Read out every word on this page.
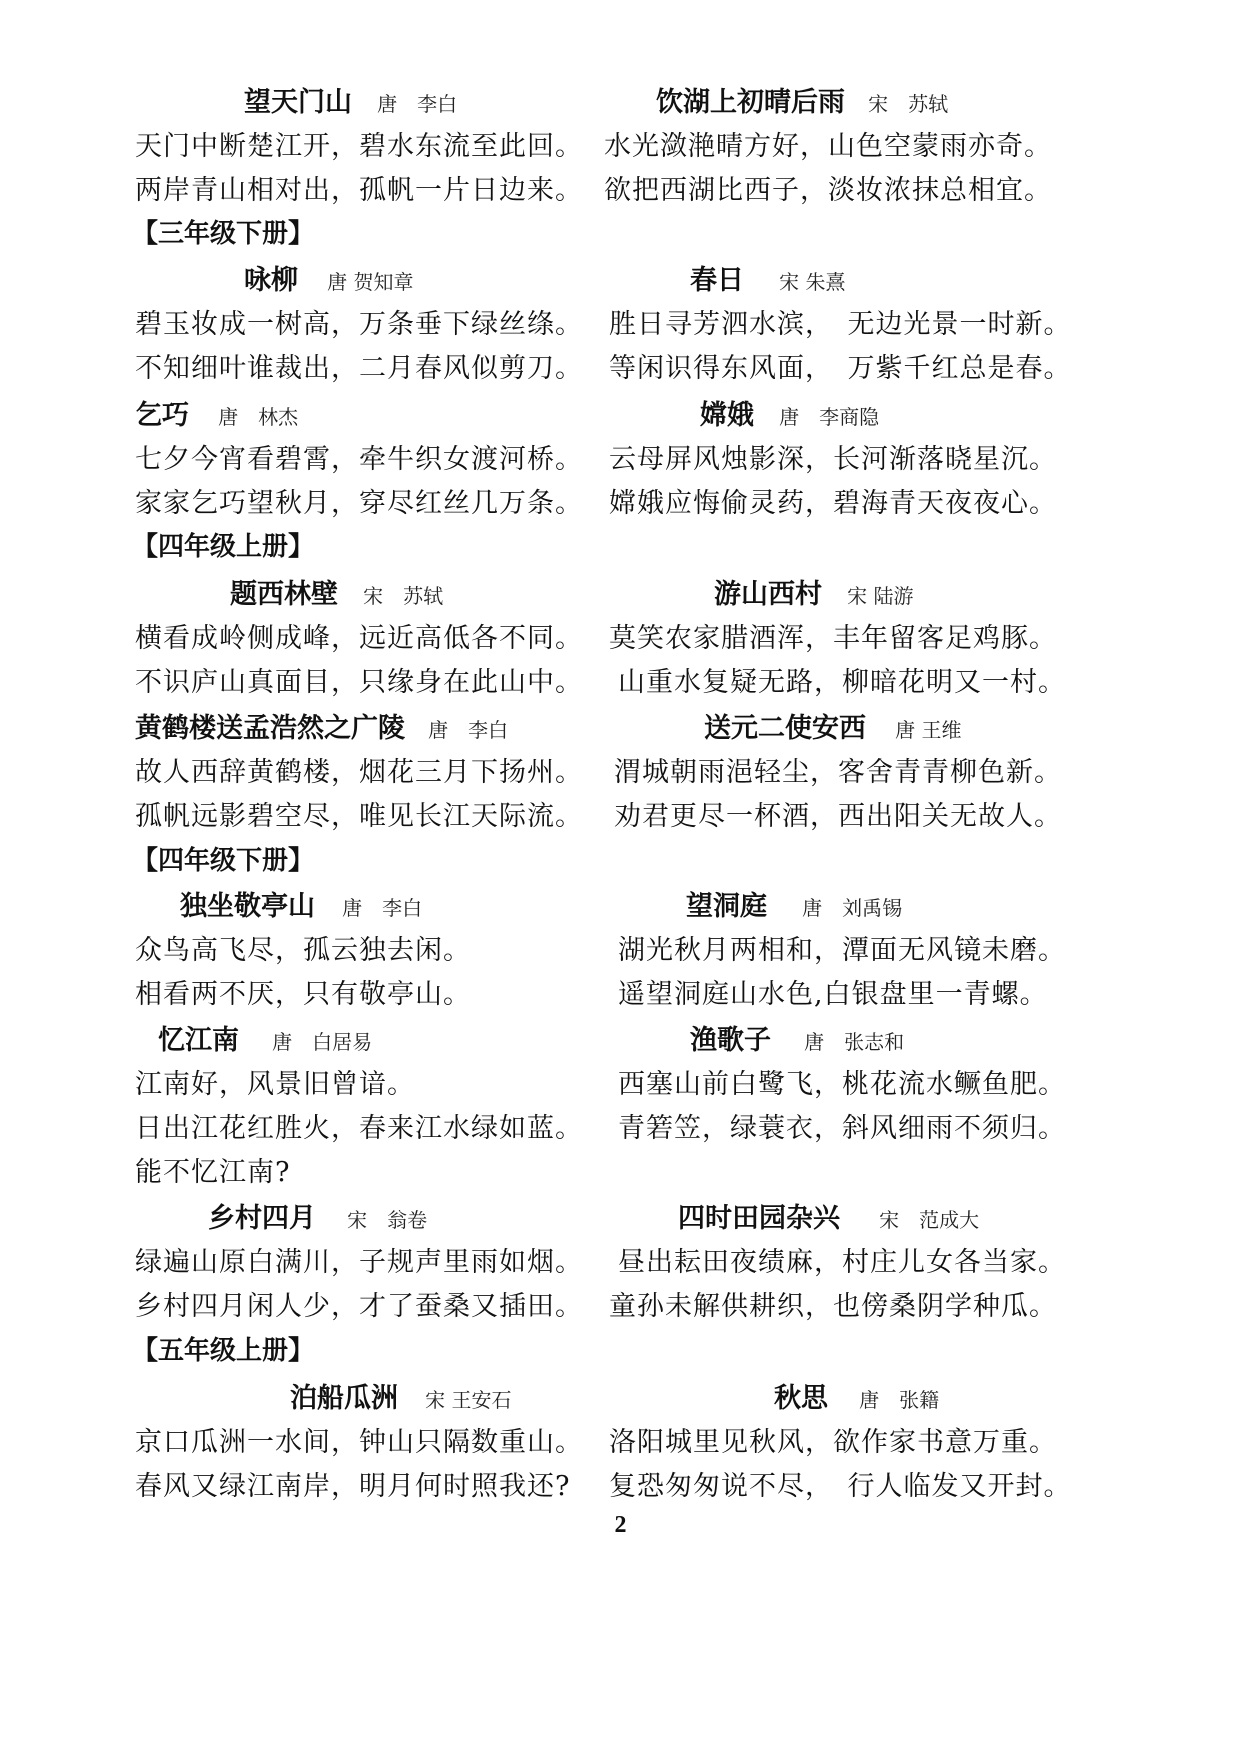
望天门山 唐　李白
天门中断楚江开，碧水东流至此回。
两岸青山相对出，孤帆一片日边来。
饮湖上初晴后雨 宋　苏轼
水光潋滟晴方好，山色空蒙雨亦奇。
欲把西湖比西子，淡妆浓抹总相宜。
【三年级下册】
咏柳 唐 贺知章
碧玉妆成一树高，万条垂下绿丝绦。
不知细叶谁裁出，二月春风似剪刀。
春日 宋 朱熹
胜日寻芳泗水滨，　无边光景一时新。
等闲识得东风面，　万紫千红总是春。
乞巧 唐　林杰
七夕今宵看碧霄，牵牛织女渡河桥。
家家乞巧望秋月，穿尽红丝几万条。
嫦娥 唐　李商隐
云母屏风烛影深，长河渐落晓星沉。
嫦娥应悔偷灵药，碧海青天夜夜心。
【四年级上册】
题西林壁 宋　苏轼
横看成岭侧成峰，远近高低各不同。
不识庐山真面目，只缘身在此山中。
游山西村 宋 陆游
莫笑农家腊酒浑，丰年留客足鸡豚。
山重水复疑无路，柳暗花明又一村。
黄鹤楼送孟浩然之广陵 唐　李白
故人西辞黄鹤楼，烟花三月下扬州。
孤帆远影碧空尽，唯见长江天际流。
送元二使安西 唐 王维
渭城朝雨浥轻尘，客舍青青柳色新。
劝君更尽一杯酒，西出阳关无故人。
【四年级下册】
独坐敬亭山 唐　李白
众鸟高飞尽，孤云独去闲。
相看两不厌，只有敬亭山。
望洞庭 唐　刘禹锡
湖光秋月两相和，潭面无风镜未磨。
遥望洞庭山水色,白银盘里一青螺。
忆江南 唐　白居易
江南好，风景旧曾谙。
日出江花红胜火，春来江水绿如蓝。
能不忆江南?
渔歌子 唐　张志和
西塞山前白鹭飞，桃花流水鳜鱼肥。
青箬笠，绿蓑衣，斜风细雨不须归。
乡村四月 宋　翁卷
绿遍山原白满川，子规声里雨如烟。
乡村四月闲人少，才了蚕桑又插田。
四时田园杂兴 宋　范成大
昼出耘田夜绩麻，村庄儿女各当家。
童孙未解供耕织，也傍桑阴学种瓜。
【五年级上册】
泊船瓜洲 宋 王安石
京口瓜洲一水间，钟山只隔数重山。
春风又绿江南岸，明月何时照我还?
秋思 唐　张籍
洛阳城里见秋风，欲作家书意万重。
复恐匆匆说不尽，　行人临发又开封。
2
